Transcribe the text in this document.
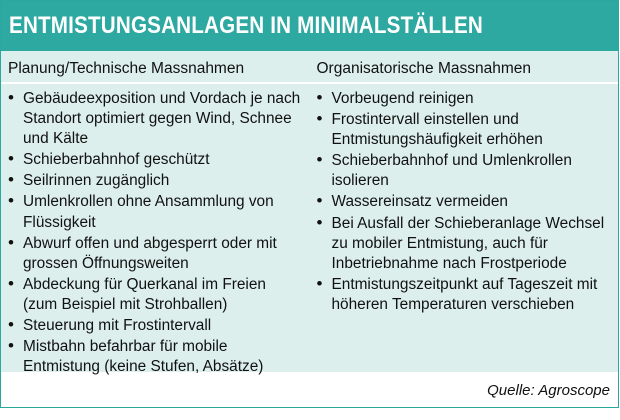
ENTMISTUNGSANLAGEN IN MINIMALSTÄLLEN
Planung/Technische Massnahmen	Organisatorische Massnahmen
• Gebäudeexposition und Vordach je nach Standort optimiert gegen Wind, Schnee und Kälte
• Schieberbahnhof geschützt
• Seilrinnen zugänglich
• Umlenkrollen ohne Ansammlung von Flüssigkeit
• Abwurf offen und abgesperrt oder mit grossen Öffnungsweiten
• Abdeckung für Querkanal im Freien (zum Beispiel mit Strohballen)
• Steuerung mit Frostintervall
• Mistbahn befahrbar für mobile Entmistung (keine Stufen, Absätze)
• Vorbeugend reinigen
• Frostintervall einstellen und Entmistungshäufigkeit erhöhen
• Schieberbahnhof und Umlenkrollen isolieren
• Wassereinsatz vermeiden
• Bei Ausfall der Schieberanlage Wechsel zu mobiler Entmistung, auch für Inbetriebnahme nach Frostperiode
• Entmistungszeitpunkt auf Tageszeit mit höheren Temperaturen verschieben
Quelle: Agroscope
